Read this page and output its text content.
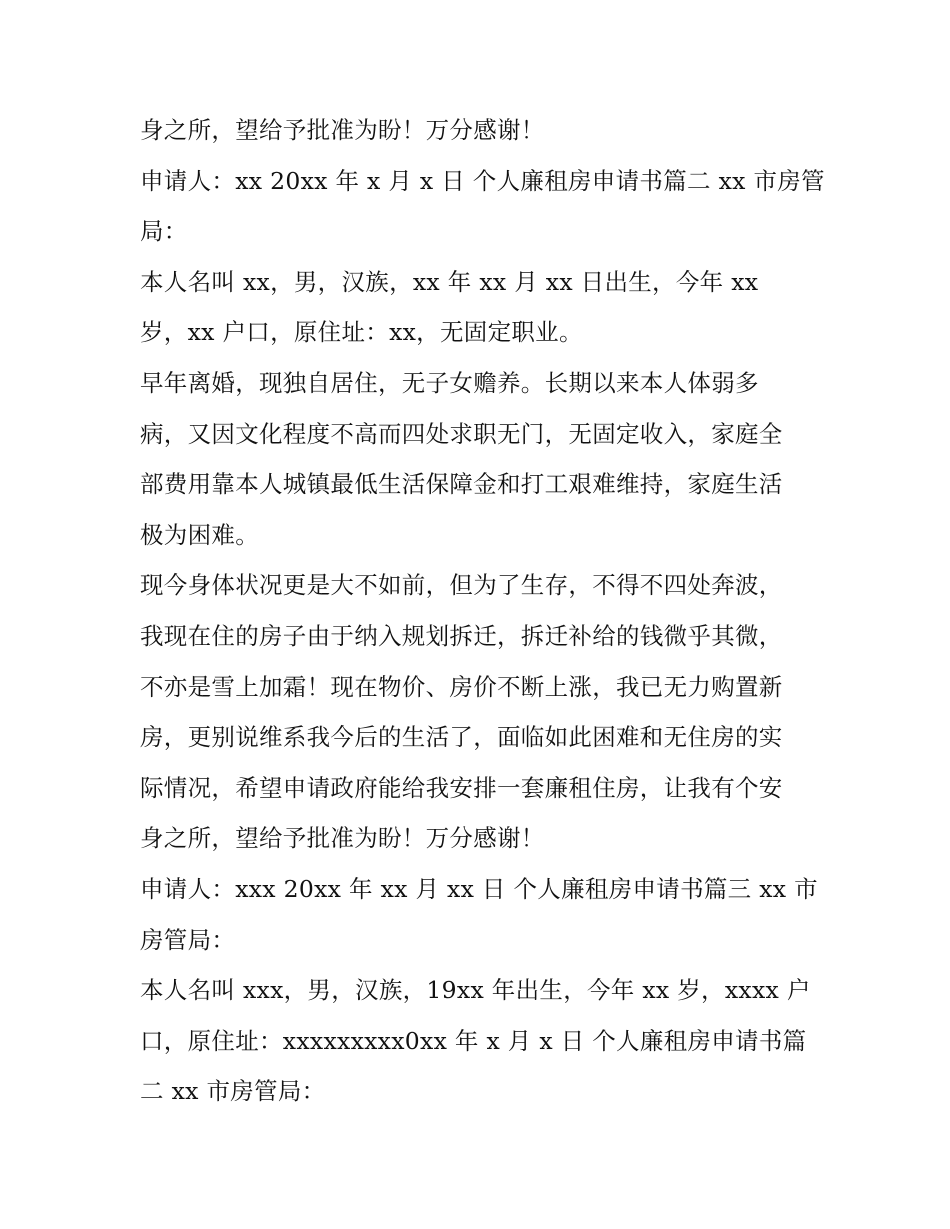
身之所，望给予批准为盼！万分感谢！
申请人：xx 20xx 年 x 月 x 日 个人廉租房申请书篇二 xx 市房管
局：
本人名叫 xx，男，汉族，xx 年 xx 月 xx 日出生，今年 xx
岁，xx 户口，原住址：xx，无固定职业。
早年离婚，现独自居住，无子女赡养。长期以来本人体弱多
病，又因文化程度不高而四处求职无门，无固定收入，家庭全
部费用靠本人城镇最低生活保障金和打工艰难维持，家庭生活
极为困难。
现今身体状况更是大不如前，但为了生存，不得不四处奔波，
我现在住的房子由于纳入规划拆迁，拆迁补给的钱微乎其微，
不亦是雪上加霜！现在物价、房价不断上涨，我已无力购置新
房，更别说维系我今后的生活了，面临如此困难和无住房的实
际情况，希望申请政府能给我安排一套廉租住房，让我有个安
身之所，望给予批准为盼！万分感谢！
申请人：xxx 20xx 年 xx 月 xx 日 个人廉租房申请书篇三 xx 市
房管局：
本人名叫 xxx，男，汉族，19xx 年出生，今年 xx 岁，xxxx 户
口，原住址：xxxxxxxxx0xx 年 x 月 x 日 个人廉租房申请书篇
二 xx 市房管局：
